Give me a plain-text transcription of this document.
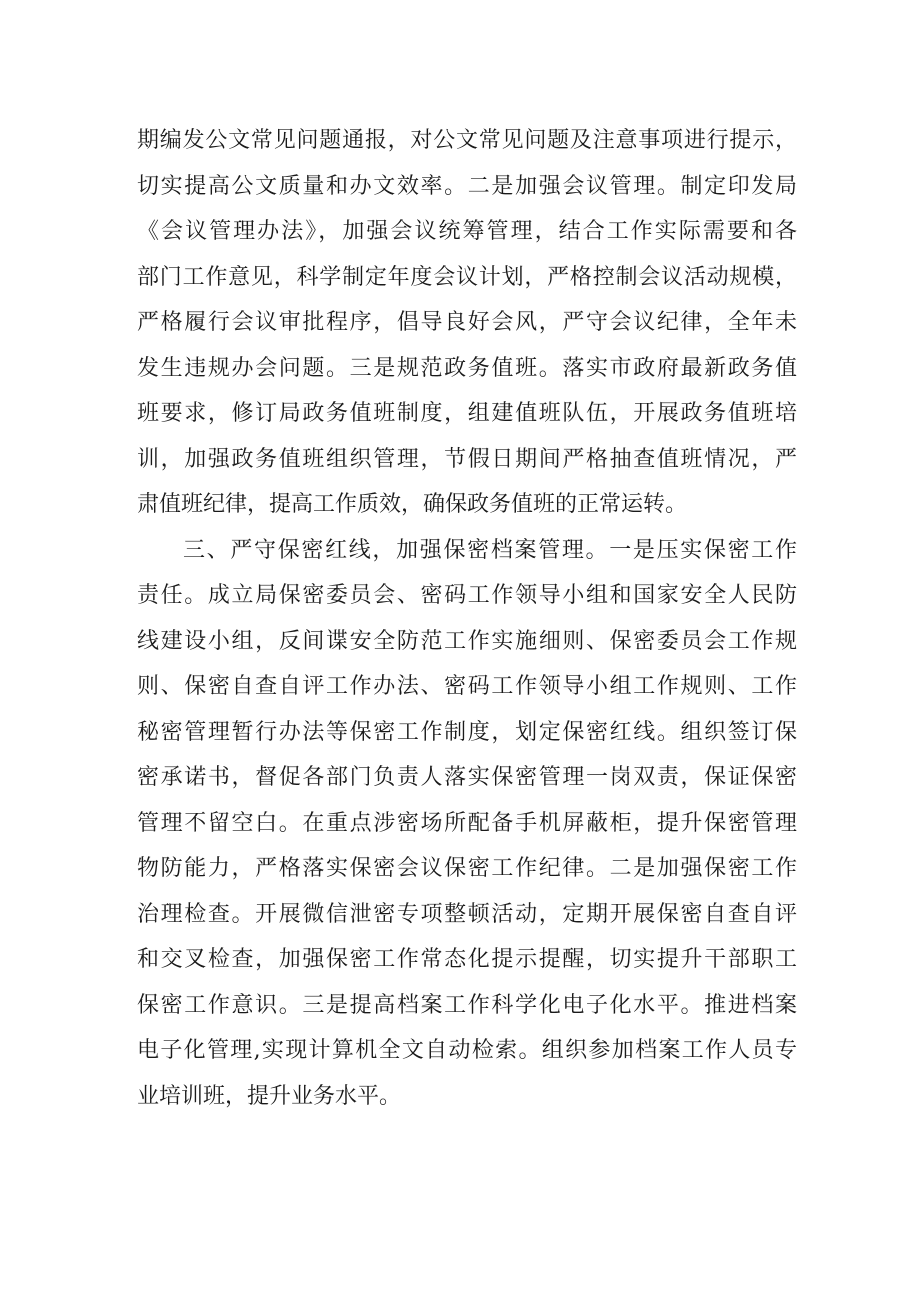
期编发公文常见问题通报，对公文常见问题及注意事项进行提示，
切实提高公文质量和办文效率。二是加强会议管理。制定印发局
《会议管理办法》，加强会议统筹管理，结合工作实际需要和各
部门工作意见，科学制定年度会议计划，严格控制会议活动规模，
严格履行会议审批程序，倡导良好会风，严守会议纪律，全年未
发生违规办会问题。三是规范政务值班。落实市政府最新政务值
班要求，修订局政务值班制度，组建值班队伍，开展政务值班培
训，加强政务值班组织管理，节假日期间严格抽查值班情况，严
肃值班纪律，提高工作质效，确保政务值班的正常运转。
三、严守保密红线，加强保密档案管理。一是压实保密工作
责任。成立局保密委员会、密码工作领导小组和国家安全人民防
线建设小组，反间谍安全防范工作实施细则、保密委员会工作规
则、保密自查自评工作办法、密码工作领导小组工作规则、工作
秘密管理暂行办法等保密工作制度，划定保密红线。组织签订保
密承诺书，督促各部门负责人落实保密管理一岗双责，保证保密
管理不留空白。在重点涉密场所配备手机屏蔽柜，提升保密管理
物防能力，严格落实保密会议保密工作纪律。二是加强保密工作
治理检查。开展微信泄密专项整顿活动，定期开展保密自查自评
和交叉检查，加强保密工作常态化提示提醒，切实提升干部职工
保密工作意识。三是提高档案工作科学化电子化水平。推进档案
电子化管理,实现计算机全文自动检索。组织参加档案工作人员专
业培训班，提升业务水平。
